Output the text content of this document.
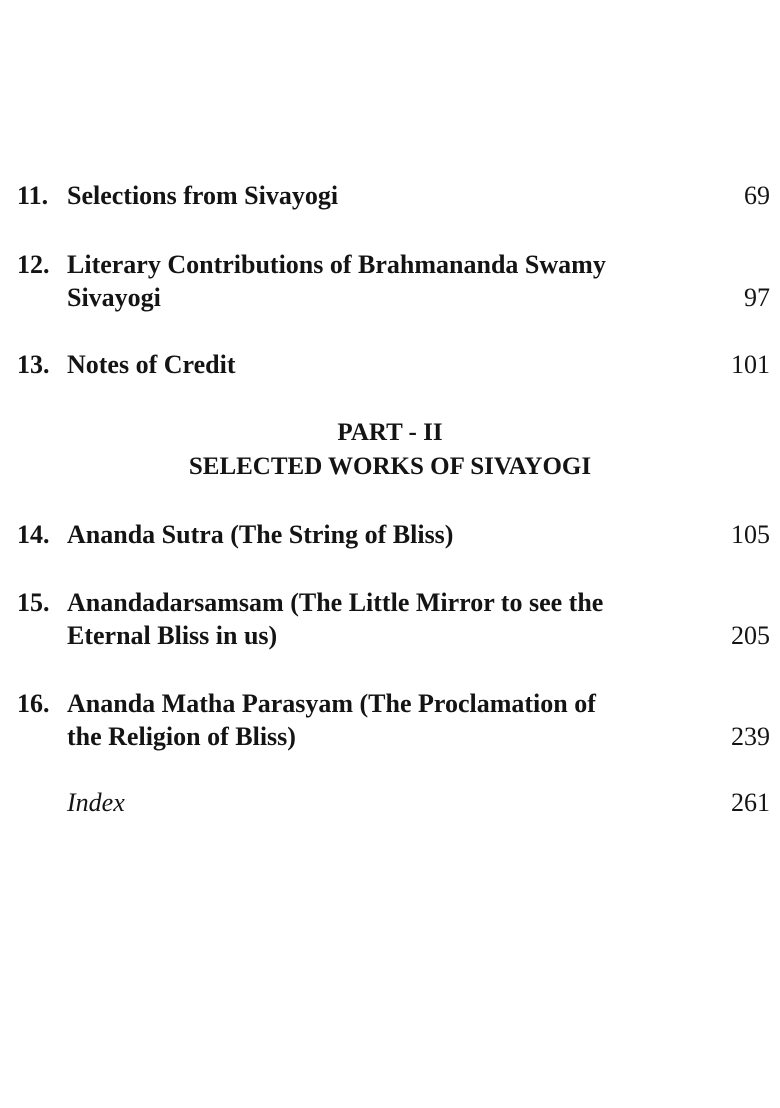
11. Selections from Sivayogi	69
12. Literary Contributions of Brahmananda Swamy
Sivayogi	97
13. Notes of Credit	101
PART - II
SELECTED WORKS OF SIVAYOGI
14. Ananda Sutra (The String of Bliss)	105
15. Anandadarsamsam (The Little Mirror to see the
Eternal Bliss in us)	205
16. Ananda Matha Parasyam (The Proclamation of
the Religion of Bliss)	239
Index	261
